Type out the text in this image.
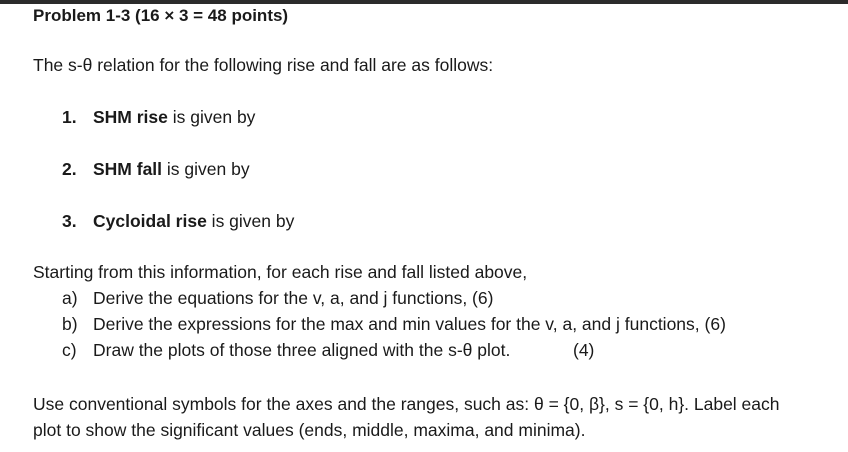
Problem 1-3 (16 × 3 = 48 points)
The s-θ relation for the following rise and fall are as follows:
1. SHM rise is given by
2. SHM fall is given by
3. Cycloidal rise is given by
Starting from this information, for each rise and fall listed above,
a) Derive the equations for the v, a, and j functions, (6)
b) Derive the expressions for the max and min values for the v, a, and j functions, (6)
c) Draw the plots of those three aligned with the s-θ plot.	(4)
Use conventional symbols for the axes and the ranges, such as: θ = {0, β}, s = {0, h}. Label each
plot to show the significant values (ends, middle, maxima, and minima).
